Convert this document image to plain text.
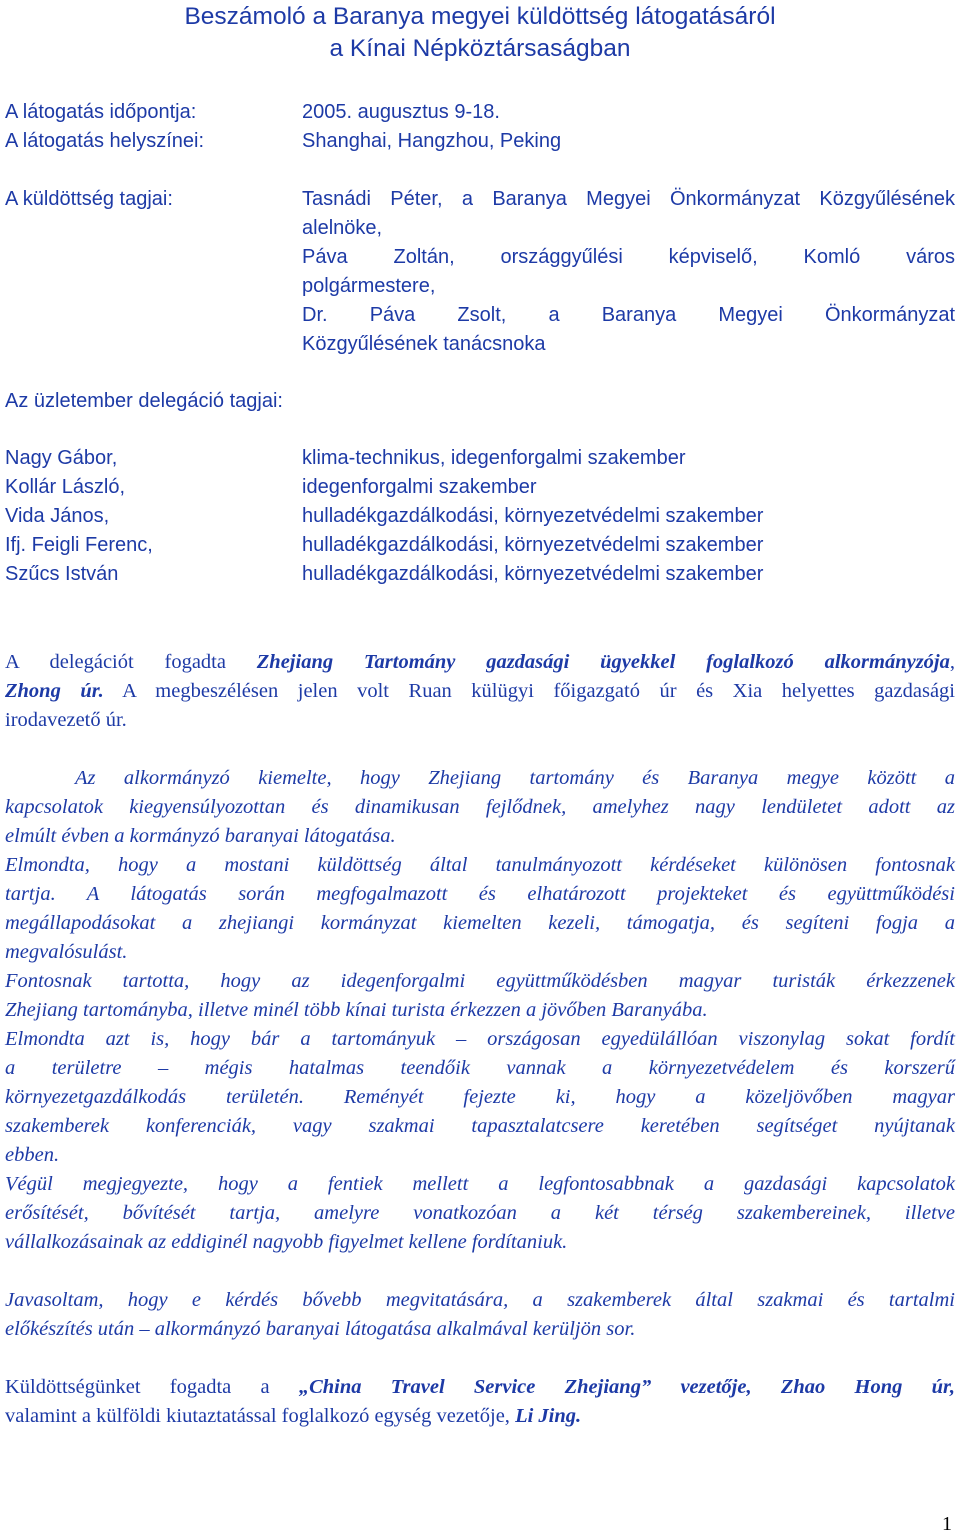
Beszámoló a Baranya megyei küldöttség látogatásáról
a Kínai Népköztársaságban
A látogatás időpontja:	2005. augusztus 9-18.
A látogatás helyszínei:	Shanghai, Hangzhou, Peking
A küldöttség tagjai:	Tasnádi Péter, a Baranya Megyei Önkormányzat Közgyűlésének
alelnöke,
Páva Zoltán, országgyűlési képviselő, Komló város
polgármestere,
Dr. Páva Zsolt, a Baranya Megyei Önkormányzat
Közgyűlésének tanácsnoka
Az üzletember delegáció tagjai:
Nagy Gábor,	klima-technikus, idegenforgalmi szakember
Kollár László,	idegenforgalmi szakember
Vida János,	hulladékgazdálkodási, környezetvédelmi szakember
Ifj. Feigli Ferenc,	hulladékgazdálkodási, környezetvédelmi szakember
Szűcs István	hulladékgazdálkodási, környezetvédelmi szakember
A delegációt fogadta Zhejiang Tartomány gazdasági ügyekkel foglalkozó alkormányzója,
Zhong úr. A megbeszélésen jelen volt Ruan külügyi főigazgató úr és Xia helyettes gazdasági
irodavezető úr.
Az alkormányzó kiemelte, hogy Zhejiang tartomány és Baranya megye között a
kapcsolatok kiegyensúlyozottan és dinamikusan fejlődnek, amelyhez nagy lendületet adott az
elmúlt évben a kormányzó baranyai látogatása.
Elmondta, hogy a mostani küldöttség által tanulmányozott kérdéseket különösen fontosnak
tartja. A látogatás során megfogalmazott és elhatározott projekteket és együttműködési
megállapodásokat a zhejiangi kormányzat kiemelten kezeli, támogatja, és segíteni fogja a
megvalósulást.
Fontosnak tartotta, hogy az idegenforgalmi együttműködésben magyar turisták érkezzenek
Zhejiang tartományba, illetve minél több kínai turista érkezzen a jövőben Baranyába.
Elmondta azt is, hogy bár a tartományuk – országosan egyedülállóan viszonylag sokat fordít
a területre – mégis hatalmas teendőik vannak a környezetvédelem és korszerű
környezetgazdálkodás területén. Reményét fejezte ki, hogy a közeljövőben magyar
szakemberek konferenciák, vagy szakmai tapasztalatcsere keretében segítséget nyújtanak
ebben.
Végül megjegyezte, hogy a fentiek mellett a legfontosabbnak a gazdasági kapcsolatok
erősítését, bővítését tartja, amelyre vonatkozóan a két térség szakembereinek, illetve
vállalkozásainak az eddiginél nagyobb figyelmet kellene fordítaniuk.
Javasoltam, hogy e kérdés bővebb megvitatására, a szakemberek által szakmai és tartalmi
előkészítés után – alkormányzó baranyai látogatása alkalmával kerüljön sor.
Küldöttségünket fogadta a „China Travel Service Zhejiang” vezetője, Zhao Hong úr,
valamint a külföldi kiutaztatással foglalkozó egység vezetője, Li Jing.
1
